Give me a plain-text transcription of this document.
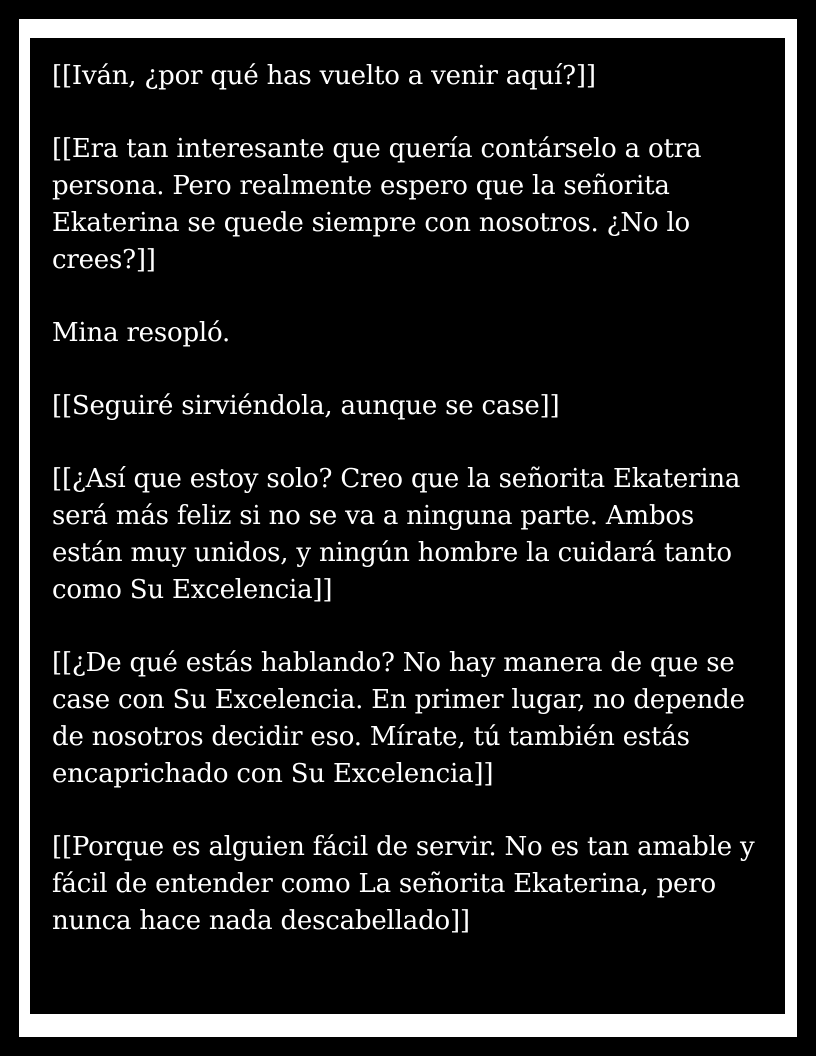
[[Iván, ¿por qué has vuelto a venir aquí?]]

[[Era tan interesante que quería contárselo a otra persona. Pero realmente espero que la señorita Ekaterina se quede siempre con nosotros. ¿No lo crees?]]

Mina resopló.

[[Seguiré sirviéndola, aunque se case]]

[[¿Así que estoy solo? Creo que la señorita Ekaterina será más feliz si no se va a ninguna parte. Ambos están muy unidos, y ningún hombre la cuidará tanto como Su Excelencia]]

[[¿De qué estás hablando? No hay manera de que se case con Su Excelencia. En primer lugar, no depende de nosotros decidir eso. Mírate, tú también estás encaprichado con Su Excelencia]]

[[Porque es alguien fácil de servir. No es tan amable y fácil de entender como La señorita Ekaterina, pero nunca hace nada descabellado]]
